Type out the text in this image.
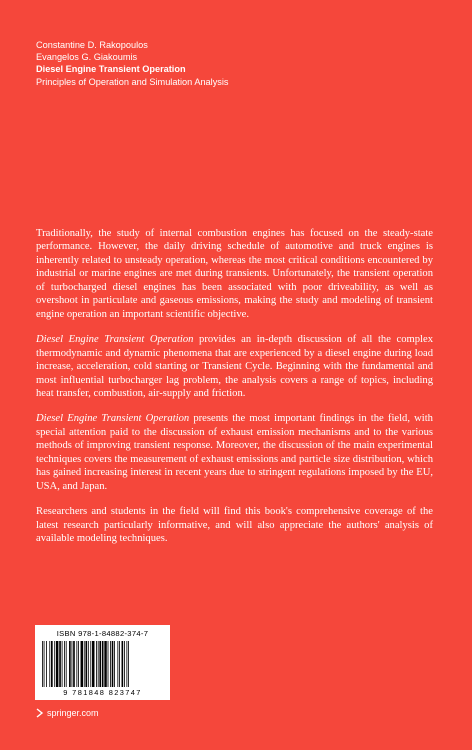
Constantine D. Rakopoulos
Evangelos G. Giakoumis
Diesel Engine Transient Operation
Principles of Operation and Simulation Analysis

Traditionally, the study of internal combustion engines has focused on the steady-state performance. However, the daily driving schedule of automotive and truck engines is inherently related to unsteady operation, whereas the most critical conditions encountered by industrial or marine engines are met during transients. Unfortunately, the transient operation of turbocharged diesel engines has been associated with poor driveability, as well as overshoot in particulate and gaseous emissions, making the study and modeling of transient engine operation an important scientific objective.

Diesel Engine Transient Operation provides an in-depth discussion of all the complex thermodynamic and dynamic phenomena that are experienced by a diesel engine during load increase, acceleration, cold starting or Transient Cycle. Beginning with the fundamental and most influential turbocharger lag problem, the analysis covers a range of topics, including heat transfer, combustion, air-supply and friction.

Diesel Engine Transient Operation presents the most important findings in the field, with special attention paid to the discussion of exhaust emission mechanisms and to the various methods of improving transient response. Moreover, the discussion of the main experimental techniques covers the measurement of exhaust emissions and particle size distribution, which has gained increasing interest in recent years due to stringent regulations imposed by the EU, USA, and Japan.

Researchers and students in the field will find this book's comprehensive coverage of the latest research particularly informative, and will also appreciate the authors' analysis of available modeling techniques.

ISBN 978-1-84882-374-7
9 781848 823747
springer.com
